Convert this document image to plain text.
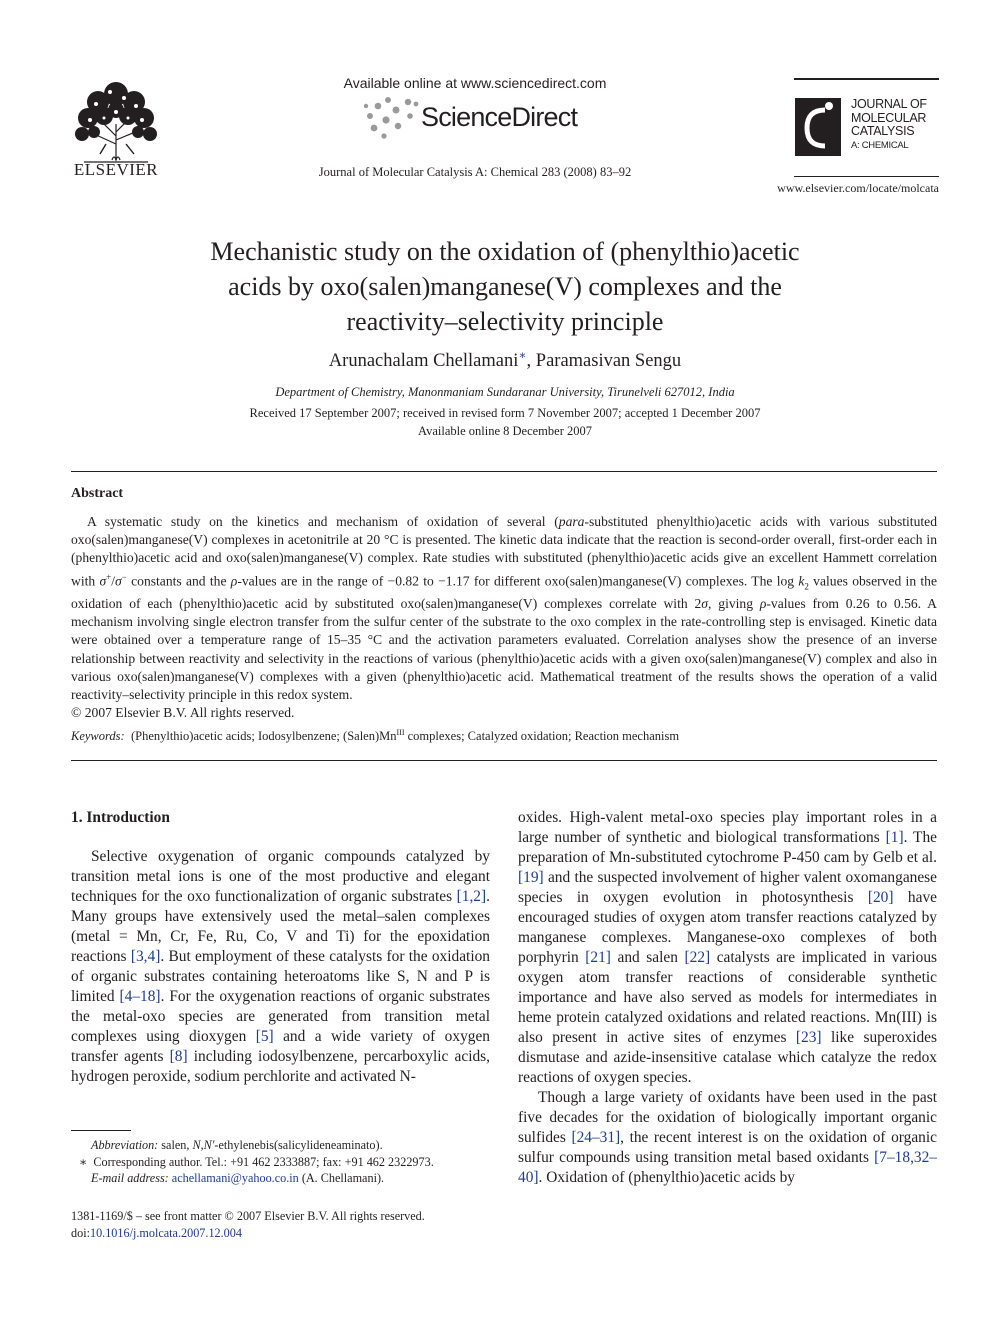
ELSEVIER
Available online at www.sciencedirect.com
ScienceDirect
Journal of Molecular Catalysis A: Chemical 283 (2008) 83–92
JOURNAL OF
MOLECULAR
CATALYSIS
A: CHEMICAL
www.elsevier.com/locate/molcata
Mechanistic study on the oxidation of (phenylthio)acetic
acids by oxo(salen)manganese(V) complexes and the
reactivity–selectivity principle
Arunachalam Chellamani∗, Paramasivan Sengu
Department of Chemistry, Manonmaniam Sundaranar University, Tirunelveli 627012, India
Received 17 September 2007; received in revised form 7 November 2007; accepted 1 December 2007
Available online 8 December 2007
Abstract

A systematic study on the kinetics and mechanism of oxidation of several (para-substituted phenylthio)acetic acids with various substituted oxo(salen)manganese(V) complexes in acetonitrile at 20 °C is presented. The kinetic data indicate that the reaction is second-order overall, first-order each in (phenylthio)acetic acid and oxo(salen)manganese(V) complex. Rate studies with substituted (phenylthio)acetic acids give an excellent Hammett correlation with σ+/σ− constants and the ρ-values are in the range of −0.82 to −1.17 for different oxo(salen)manganese(V) complexes. The $\log k_2$ values observed in the oxidation of each (phenylthio)acetic acid by substituted oxo(salen)manganese(V) complexes correlate with 2σ, giving ρ-values from 0.26 to 0.56. A mechanism involving single electron transfer from the sulfur center of the substrate to the oxo complex in the rate-controlling step is envisaged. Kinetic data were obtained over a temperature range of 15–35 °C and the activation parameters evaluated. Correlation analyses show the presence of an inverse relationship between reactivity and selectivity in the reactions of various (phenylthio)acetic acids with a given oxo(salen)manganese(V) complex and also in various oxo(salen)manganese(V) complexes with a given (phenylthio)acetic acid. Mathematical treatment of the results shows the operation of a valid reactivity–selectivity principle in this redox system.

© 2007 Elsevier B.V. All rights reserved.

Keywords: (Phenylthio)acetic acids; Iodosylbenzene; $(Salen)Mn^{III}$ complexes; Catalyzed oxidation; Reaction mechanism
1. Introduction

Selective oxygenation of organic compounds catalyzed by transition metal ions is one of the most productive and elegant techniques for the oxo functionalization of organic substrates [1,2]. Many groups have extensively used the metal–salen complexes (metal = Mn, Cr, Fe, Ru, Co, V and Ti) for the epoxidation reactions [3,4]. But employment of these catalysts for the oxidation of organic substrates containing heteroatoms like S, N and P is limited [4–18]. For the oxygenation reactions of organic substrates the metal-oxo species are generated from transition metal complexes using dioxygen [5] and a wide variety of oxygen transfer agents [8] including iodosylbenzene, percarboxylic acids, hydrogen peroxide, sodium perchlorite and activated N-

oxides. High-valent metal-oxo species play important roles in a large number of synthetic and biological transformations [1]. The preparation of Mn-substituted cytochrome P-450 cam by Gelb et al. [19] and the suspected involvement of higher valent oxomanganese species in oxygen evolution in photosynthesis [20] have encouraged studies of oxygen atom transfer reactions catalyzed by manganese complexes. Manganese-oxo complexes of both porphyrin [21] and salen [22] catalysts are implicated in various oxygen atom transfer reactions of considerable synthetic importance and have also served as models for intermediates in heme protein catalyzed oxidations and related reactions. Mn(III) is also present in active sites of enzymes [23] like superoxides dismutase and azide-insensitive catalase which catalyze the redox reactions of oxygen species.

Though a large variety of oxidants have been used in the past five decades for the oxidation of biologically important organic sulfides [24–31], the recent interest is on the oxidation of organic sulfur compounds using transition metal based oxidants [7–18,32–40]. Oxidation of (phenylthio)acetic acids by

Abbreviation: salen, N,N′-ethylenebis(salicylideneaminato).
∗ Corresponding author. Tel.: +91 462 2333887; fax: +91 462 2322973.
E-mail address: achellamani@yahoo.co.in (A. Chellamani).
1381-1169/$ – see front matter © 2007 Elsevier B.V. All rights reserved.
doi:10.1016/j.molcata.2007.12.004
